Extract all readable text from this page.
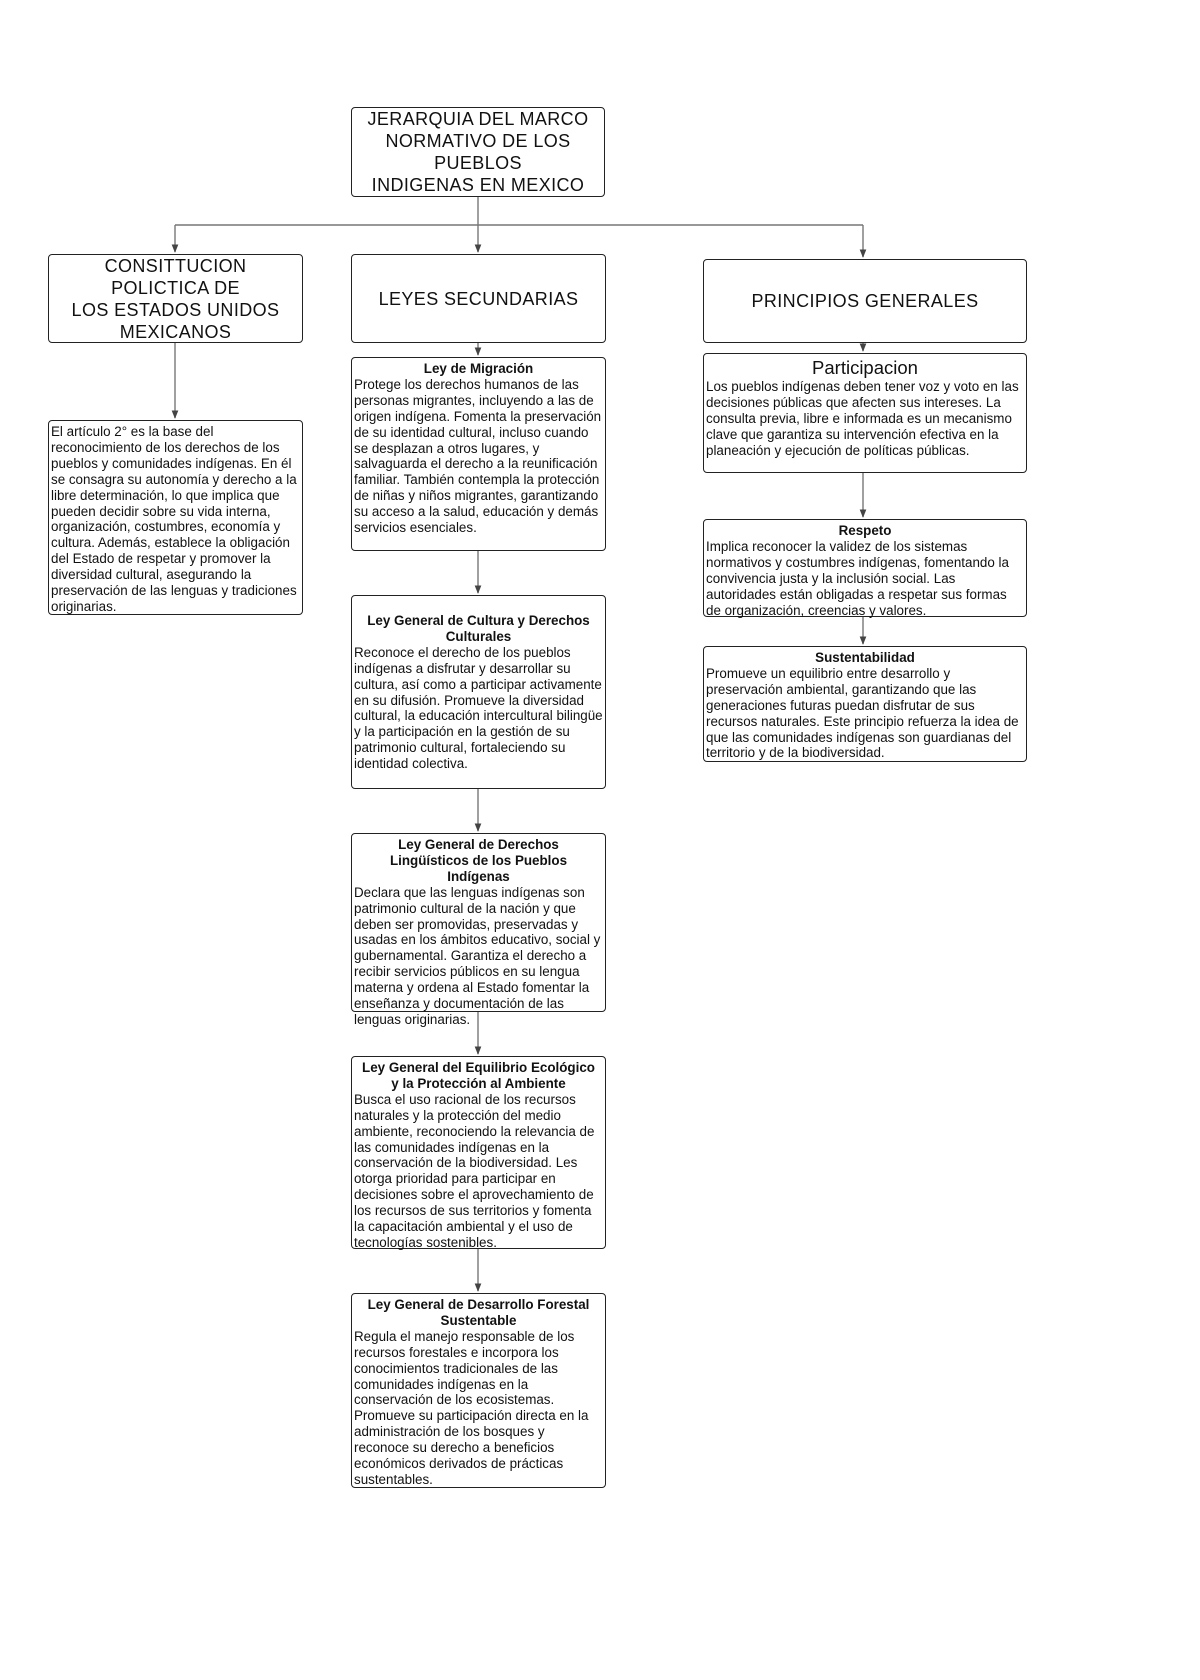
JERARQUIA DEL MARCO
NORMATIVO DE LOS PUEBLOS
INDIGENAS EN MEXICO
CONSITTUCION POLICTICA DE
LOS ESTADOS UNIDOS
MEXICANOS
LEYES SECUNDARIAS	PRINCIPIOS GENERALES
El artículo 2° es la base del reconocimiento de los derechos de los pueblos y comunidades indígenas. En él se consagra su autonomía y derecho a la libre determinación, lo que implica que pueden decidir sobre su vida interna, organización, costumbres, economía y cultura. Además, establece la obligación del Estado de respetar y promover la diversidad cultural, asegurando la preservación de las lenguas y tradiciones originarias.
Ley de Migración
Protege los derechos humanos de las personas migrantes, incluyendo a las de origen indígena. Fomenta la preservación de su identidad cultural, incluso cuando se desplazan a otros lugares, y salvaguarda el derecho a la reunificación familiar. También contempla la protección de niñas y niños migrantes, garantizando su acceso a la salud, educación y demás servicios esenciales.
Ley General de Cultura y Derechos Culturales
Reconoce el derecho de los pueblos indígenas a disfrutar y desarrollar su cultura, así como a participar activamente en su difusión. Promueve la diversidad cultural, la educación intercultural bilingüe y la participación en la gestión de su patrimonio cultural, fortaleciendo su identidad colectiva.
Ley General de Derechos Lingüísticos de los Pueblos Indígenas
Declara que las lenguas indígenas son patrimonio cultural de la nación y que deben ser promovidas, preservadas y usadas en los ámbitos educativo, social y gubernamental. Garantiza el derecho a recibir servicios públicos en su lengua materna y ordena al Estado fomentar la enseñanza y documentación de las lenguas originarias.
Ley General del Equilibrio Ecológico y la Protección al Ambiente
Busca el uso racional de los recursos naturales y la protección del medio ambiente, reconociendo la relevancia de las comunidades indígenas en la conservación de la biodiversidad. Les otorga prioridad para participar en decisiones sobre el aprovechamiento de los recursos de sus territorios y fomenta la capacitación ambiental y el uso de tecnologías sostenibles.
Ley General de Desarrollo Forestal Sustentable
Regula el manejo responsable de los recursos forestales e incorpora los conocimientos tradicionales de las comunidades indígenas en la conservación de los ecosistemas. Promueve su participación directa en la administración de los bosques y reconoce su derecho a beneficios económicos derivados de prácticas sustentables.
Participacion
Los pueblos indígenas deben tener voz y voto en las decisiones públicas que afecten sus intereses. La consulta previa, libre e informada es un mecanismo clave que garantiza su intervención efectiva en la planeación y ejecución de políticas públicas.
Respeto
Implica reconocer la validez de los sistemas normativos y costumbres indígenas, fomentando la convivencia justa y la inclusión social. Las autoridades están obligadas a respetar sus formas de organización, creencias y valores.
Sustentabilidad
Promueve un equilibrio entre desarrollo y preservación ambiental, garantizando que las generaciones futuras puedan disfrutar de sus recursos naturales. Este principio refuerza la idea de que las comunidades indígenas son guardianas del territorio y de la biodiversidad.
